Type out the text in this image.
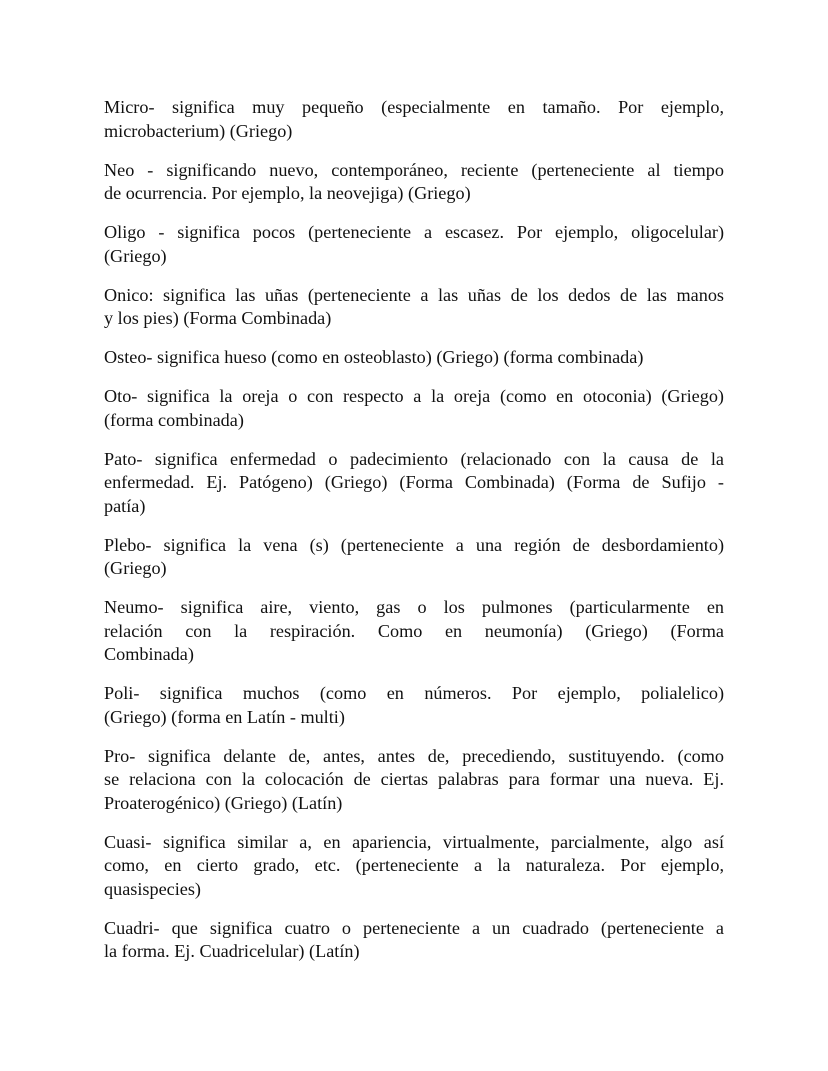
Micro- significa muy pequeño (especialmente en tamaño. Por ejemplo,
microbacterium) (Griego)
Neo - significando nuevo, contemporáneo, reciente (perteneciente al tiempo
de ocurrencia. Por ejemplo, la neovejiga) (Griego)
Oligo - significa pocos (perteneciente a escasez. Por ejemplo, oligocelular)
(Griego)
Onico: significa las uñas (perteneciente a las uñas de los dedos de las manos
y los pies) (Forma Combinada)
Osteo- significa hueso (como en osteoblasto) (Griego) (forma combinada)
Oto- significa la oreja o con respecto a la oreja (como en otoconia) (Griego)
(forma combinada)
Pato- significa enfermedad o padecimiento (relacionado con la causa de la
enfermedad. Ej. Patógeno) (Griego) (Forma Combinada) (Forma de Sufijo -
patía)
Plebo- significa la vena (s) (perteneciente a una región de desbordamiento)
(Griego)
Neumo- significa aire, viento, gas o los pulmones (particularmente en
relación con la respiración. Como en neumonía) (Griego) (Forma
Combinada)
Poli- significa muchos (como en números. Por ejemplo, polialelico)
(Griego) (forma en Latín - multi)
Pro- significa delante de, antes, antes de, precediendo, sustituyendo. (como
se relaciona con la colocación de ciertas palabras para formar una nueva. Ej.
Proaterogénico) (Griego) (Latín)
Cuasi- significa similar a, en apariencia, virtualmente, parcialmente, algo así
como, en cierto grado, etc. (perteneciente a la naturaleza. Por ejemplo,
quasispecies)
Cuadri- que significa cuatro o perteneciente a un cuadrado (perteneciente a
la forma. Ej. Cuadricelular) (Latín)
